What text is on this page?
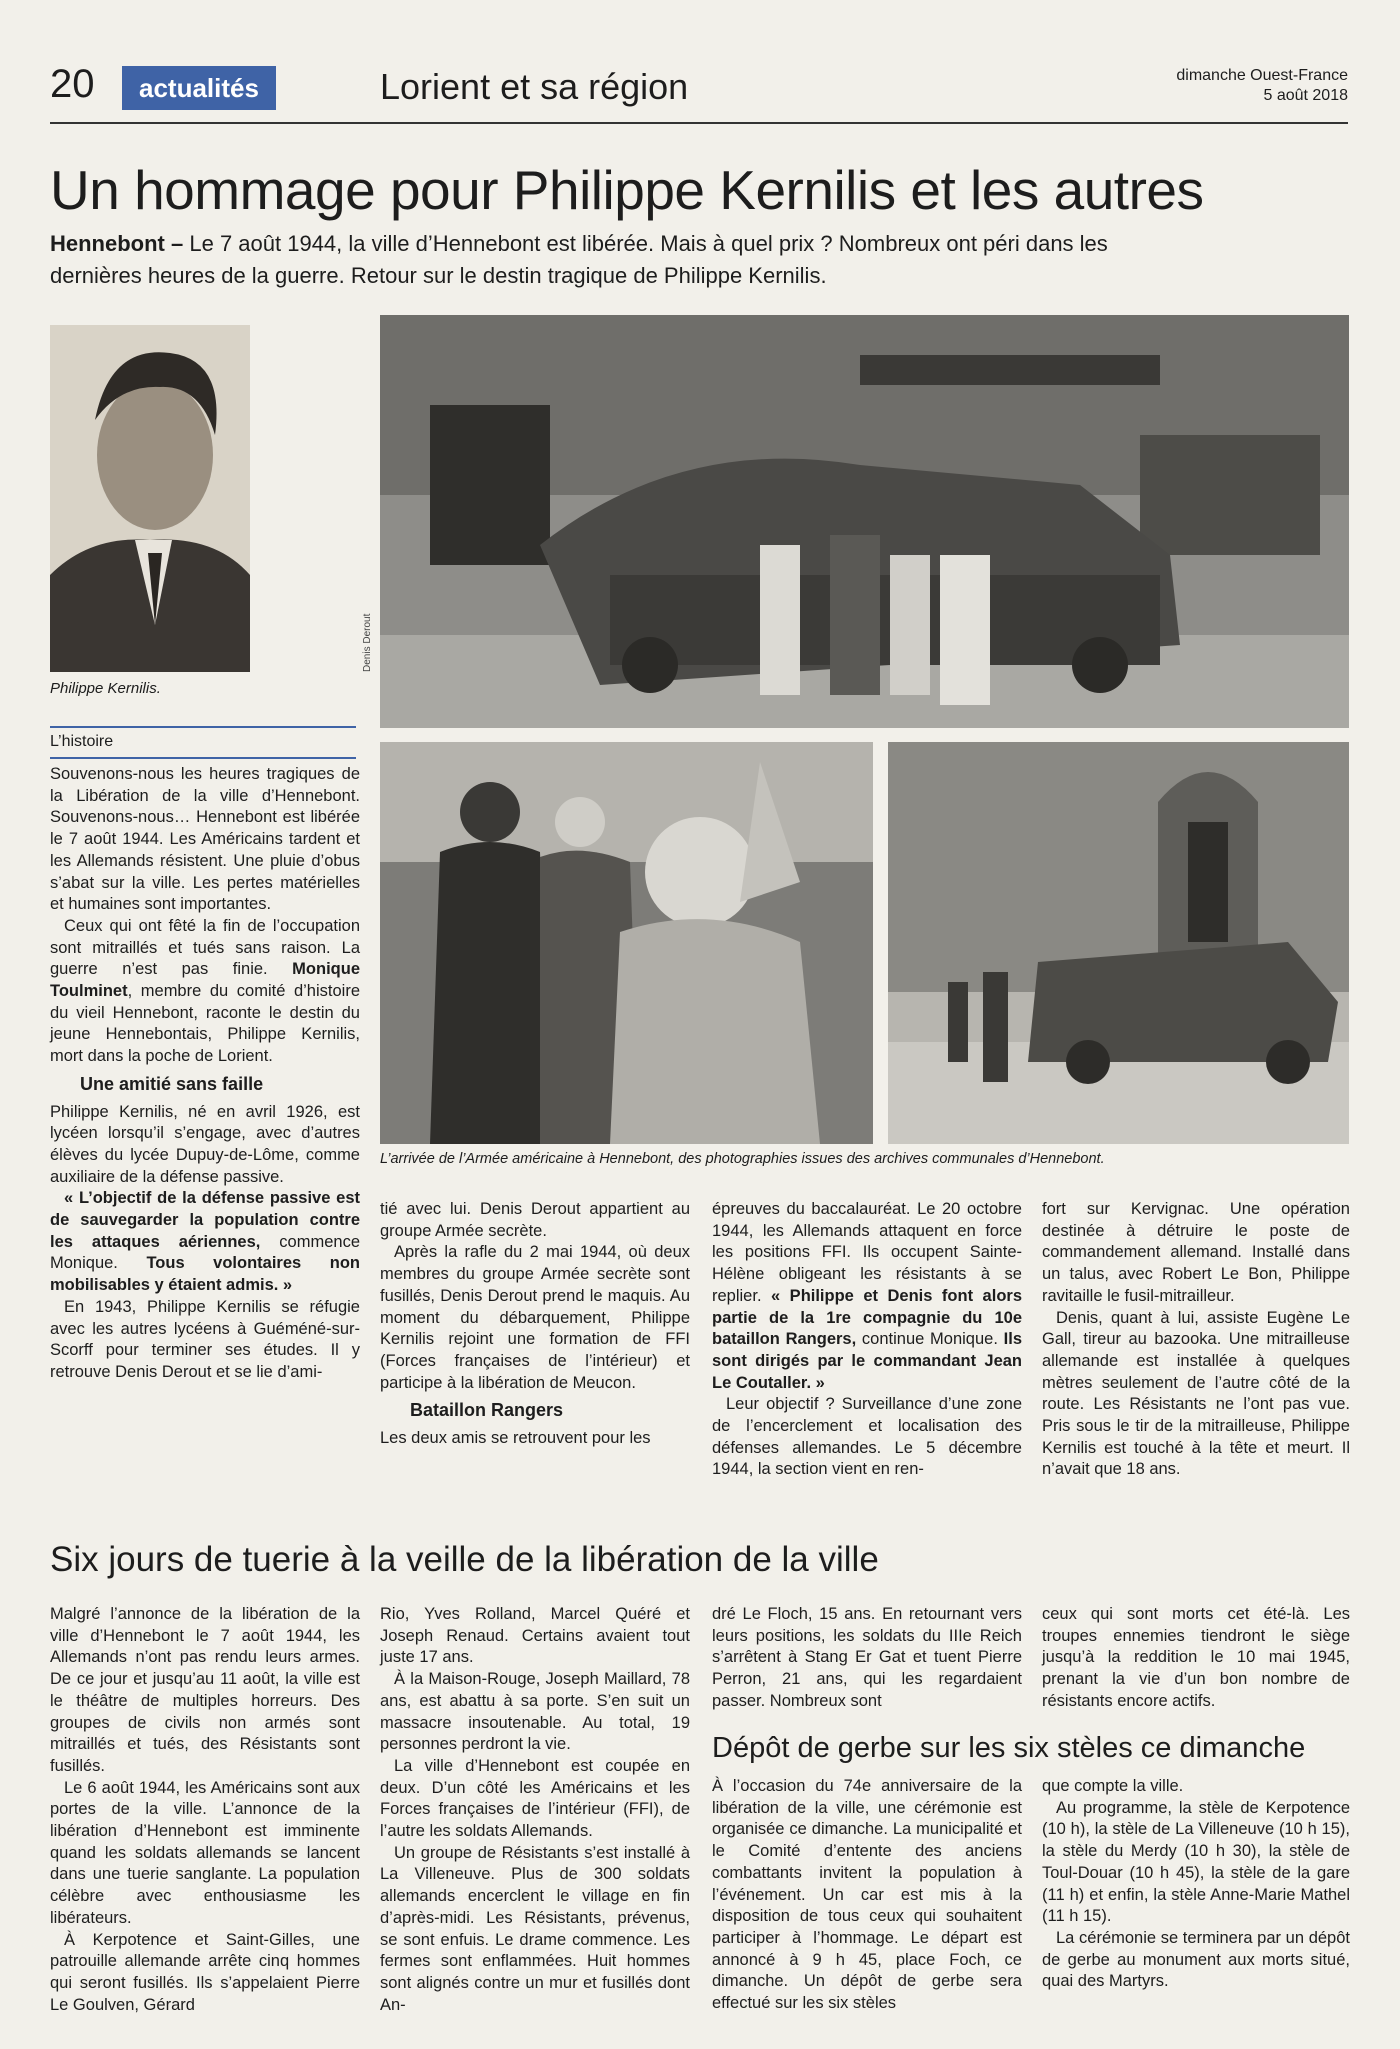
20	actualités	Lorient et sa région	dimanche Ouest-France
5 août 2018
Un hommage pour Philippe Kernilis et les autres
Hennebont – Le 7 août 1944, la ville d’Hennebont est libérée. Mais à quel prix ? Nombreux ont péri dans les dernières heures de la guerre. Retour sur le destin tragique de Philippe Kernilis.
Philippe Kernilis.
Denis Derout
L’arrivée de l’Armée américaine à Hennebont, des photographies issues des archives communales d’Hennebont.
L’histoire

Souvenons-nous les heures tragiques de la Libération de la ville d’Hennebont. Souvenons-nous… Hennebont est libérée le 7 août 1944. Les Américains tardent et les Allemands résistent. Une pluie d’obus s’abat sur la ville. Les pertes matérielles et humaines sont importantes.

Ceux qui ont fêté la fin de l’occupation sont mitraillés et tués sans raison. La guerre n’est pas finie. Monique Toulminet, membre du comité d’histoire du vieil Hennebont, raconte le destin du jeune Hennebontais, Philippe Kernilis, mort dans la poche de Lorient.

Une amitié sans faille

Philippe Kernilis, né en avril 1926, est lycéen lorsqu’il s’engage, avec d’autres élèves du lycée Dupuy-de-Lôme, comme auxiliaire de la défense passive.

« L’objectif de la défense passive est de sauvegarder la population contre les attaques aériennes, commence Monique. Tous volontaires non mobilisables y étaient admis. »

En 1943, Philippe Kernilis se réfugie avec les autres lycéens à Guéméné-sur-Scorff pour terminer ses études. Il y retrouve Denis Derout et se lie d’ami-

tié avec lui. Denis Derout appartient au groupe Armée secrète.

Après la rafle du 2 mai 1944, où deux membres du groupe Armée secrète sont fusillés, Denis Derout prend le maquis. Au moment du débarquement, Philippe Kernilis rejoint une formation de FFI (Forces françaises de l’intérieur) et participe à la libération de Meucon.

Bataillon Rangers

Les deux amis se retrouvent pour les

épreuves du baccalauréat. Le 20 octobre 1944, les Allemands attaquent en force les positions FFI. Ils occupent Sainte-Hélène obligeant les résistants à se replier. « Philippe et Denis font alors partie de la 1re compagnie du 10e bataillon Rangers, continue Monique. Ils sont dirigés par le commandant Jean Le Coutaller. »

Leur objectif ? Surveillance d’une zone de l’encerclement et localisation des défenses allemandes. Le 5 décembre 1944, la section vient en ren-

fort sur Kervignac. Une opération destinée à détruire le poste de commandement allemand. Installé dans un talus, avec Robert Le Bon, Philippe ravitaille le fusil-mitrailleur.

Denis, quant à lui, assiste Eugène Le Gall, tireur au bazooka. Une mitrailleuse allemande est installée à quelques mètres seulement de l’autre côté de la route. Les Résistants ne l’ont pas vue. Pris sous le tir de la mitrailleuse, Philippe Kernilis est touché à la tête et meurt. Il n’avait que 18 ans.

Six jours de tuerie à la veille de la libération de la ville

Malgré l’annonce de la libération de la ville d’Hennebont le 7 août 1944, les Allemands n’ont pas rendu leurs armes. De ce jour et jusqu’au 11 août, la ville est le théâtre de multiples horreurs. Des groupes de civils non armés sont mitraillés et tués, des Résistants sont fusillés.

Le 6 août 1944, les Américains sont aux portes de la ville. L’annonce de la libération d’Hennebont est imminente quand les soldats allemands se lancent dans une tuerie sanglante. La population célèbre avec enthousiasme les libérateurs.

À Kerpotence et Saint-Gilles, une patrouille allemande arrête cinq hommes qui seront fusillés. Ils s’appelaient Pierre Le Goulven, Gérard

Rio, Yves Rolland, Marcel Quéré et Joseph Renaud. Certains avaient tout juste 17 ans.

À la Maison-Rouge, Joseph Maillard, 78 ans, est abattu à sa porte. S’en suit un massacre insoutenable. Au total, 19 personnes perdront la vie.

La ville d’Hennebont est coupée en deux. D’un côté les Américains et les Forces françaises de l’intérieur (FFI), de l’autre les soldats Allemands.

Un groupe de Résistants s’est installé à La Villeneuve. Plus de 300 soldats allemands encerclent le village en fin d’après-midi. Les Résistants, prévenus, se sont enfuis. Le drame commence. Les fermes sont enflammées. Huit hommes sont alignés contre un mur et fusillés dont An-

dré Le Floch, 15 ans. En retournant vers leurs positions, les soldats du IIIe Reich s’arrêtent à Stang Er Gat et tuent Pierre Perron, 21 ans, qui les regardaient passer. Nombreux sont

ceux qui sont morts cet été-là. Les troupes ennemies tiendront le siège jusqu’à la reddition le 10 mai 1945, prenant la vie d’un bon nombre de résistants encore actifs.

Dépôt de gerbe sur les six stèles ce dimanche

À l’occasion du 74e anniversaire de la libération de la ville, une cérémonie est organisée ce dimanche. La municipalité et le Comité d’entente des anciens combattants invitent la population à l’événement. Un car est mis à la disposition de tous ceux qui souhaitent participer à l’hommage. Le départ est annoncé à 9 h 45, place Foch, ce dimanche. Un dépôt de gerbe sera effectué sur les six stèles

que compte la ville.

Au programme, la stèle de Kerpotence (10 h), la stèle de La Villeneuve (10 h 15), la stèle du Merdy (10 h 30), la stèle de Toul-Douar (10 h 45), la stèle de la gare (11 h) et enfin, la stèle Anne-Marie Mathel (11 h 15).

La cérémonie se terminera par un dépôt de gerbe au monument aux morts situé, quai des Martyrs.
